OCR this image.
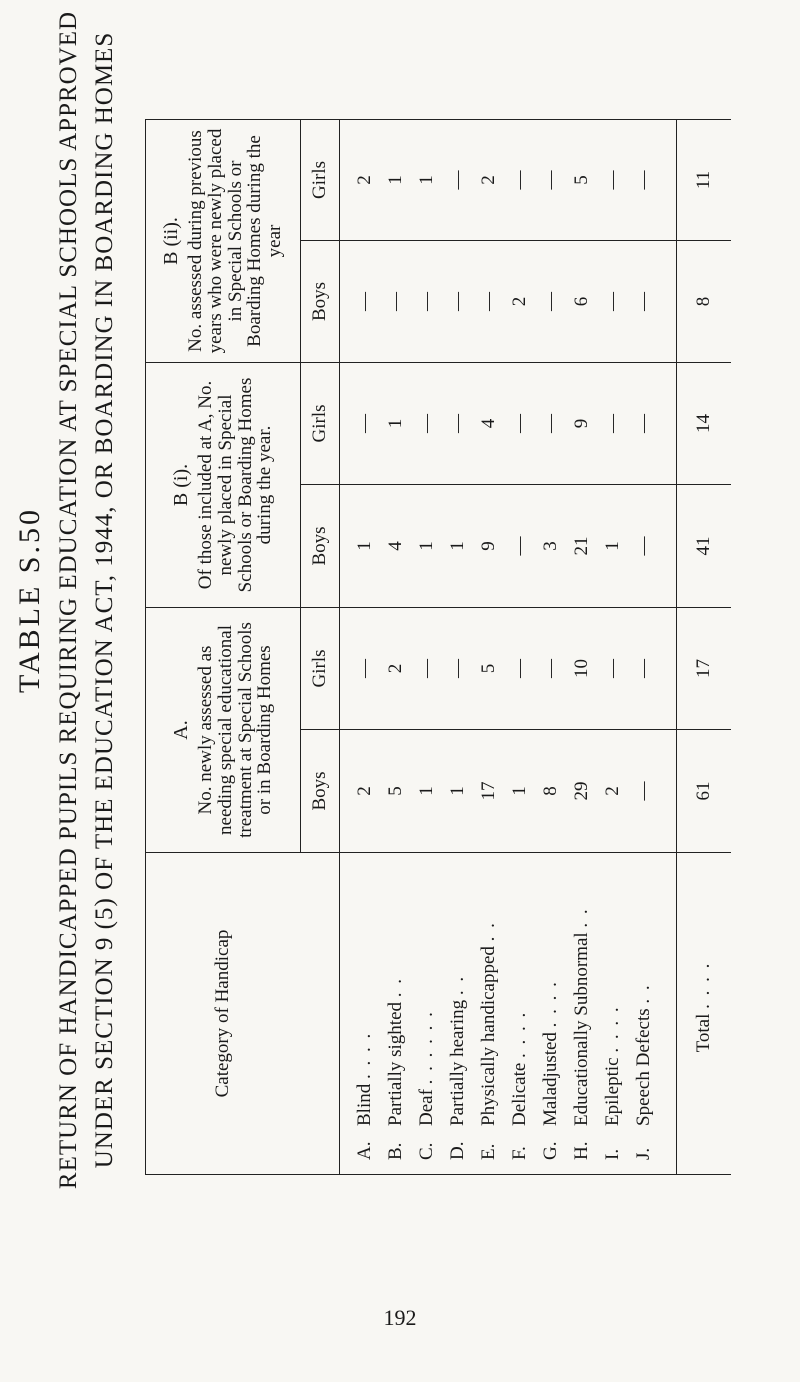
TABLE S.50 RETURN OF HANDICAPPED PUPILS REQUIRING EDUCATION AT SPECIAL SCHOOLS APPROVED UNDER SECTION 9 (5) OF THE EDUCATION ACT, 1944, OR BOARDING IN BOARDING HOMES	Category of Handicap	A. No. newly assessed as needing special educational treatment at Special Schools or in Boarding Homes		B (i). Of those included at A, No. newly placed in Special Schools or Boarding Homes during the year.		B (ii). No. assessed during previous years who were newly placed in Special Schools or Boarding Homes during the year	
	Boys	Girls	Boys	Girls	Boys	Girls
A.Blind . . . .	2	—	1	—	—	2
B.Partially sighted . .	5	2	4	1	—	1
C.Deaf . . . . . .	1	—	1	—	—	1
D.Partially hearing . .	1	—	1	—	—	—
E.Physically handicapped . .	17	5	9	4	—	2
F.Delicate . . . .	1	—	—	—	2	—
G.Maladjusted . . . .	8	—	3	—	—	—
H.Educationally Subnormal . .	29	10	21	9	6	5
I.Epileptic . . . .	2	—	1	—	—	—
J.Speech Defects . .	—	—	—	—	—	—

Total . . . .	61	17	41	14	8	11
192
